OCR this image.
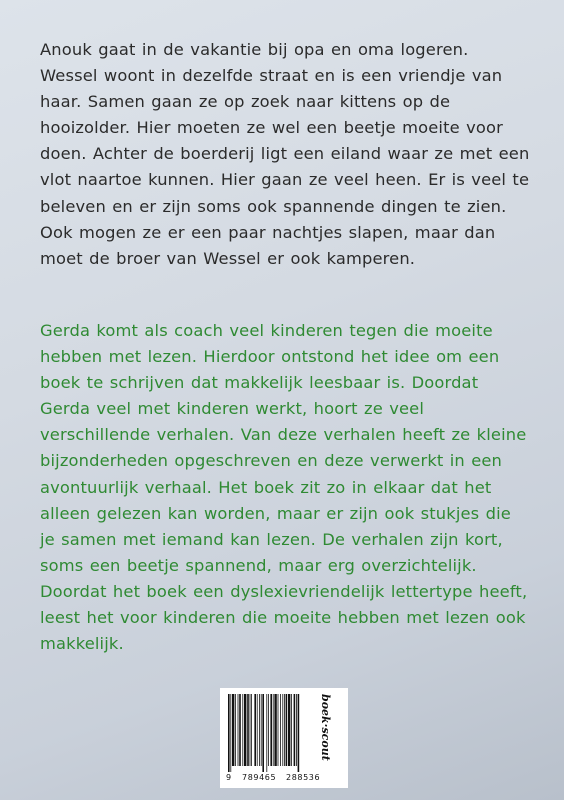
Anouk gaat in de vakantie bij opa en oma logeren. Wessel woont in dezelfde straat en is een vriendje van haar. Samen gaan ze op zoek naar kittens op de hooizolder. Hier moeten ze wel een beetje moeite voor doen. Achter de boerderij ligt een eiland waar ze met een vlot naartoe kunnen. Hier gaan ze veel heen. Er is veel te beleven en er zijn soms ook spannende dingen te zien. Ook mogen ze er een paar nachtjes slapen, maar dan moet de broer van Wessel er ook kamperen.

Gerda komt als coach veel kinderen tegen die moeite hebben met lezen. Hierdoor ontstond het idee om een boek te schrijven dat makkelijk leesbaar is. Doordat Gerda veel met kinderen werkt, hoort ze veel verschillende verhalen. Van deze verhalen heeft ze kleine bijzonderheden opgeschreven en deze verwerkt in een avontuurlijk verhaal. Het boek zit zo in elkaar dat het alleen gelezen kan worden, maar er zijn ook stukjes die je samen met iemand kan lezen. De verhalen zijn kort, soms een beetje spannend, maar erg overzichtelijk. Doordat het boek een dyslexievriendelijk lettertype heeft, leest het voor kinderen die moeite hebben met lezen ook makkelijk.

9 789465 288536
boek·scout
